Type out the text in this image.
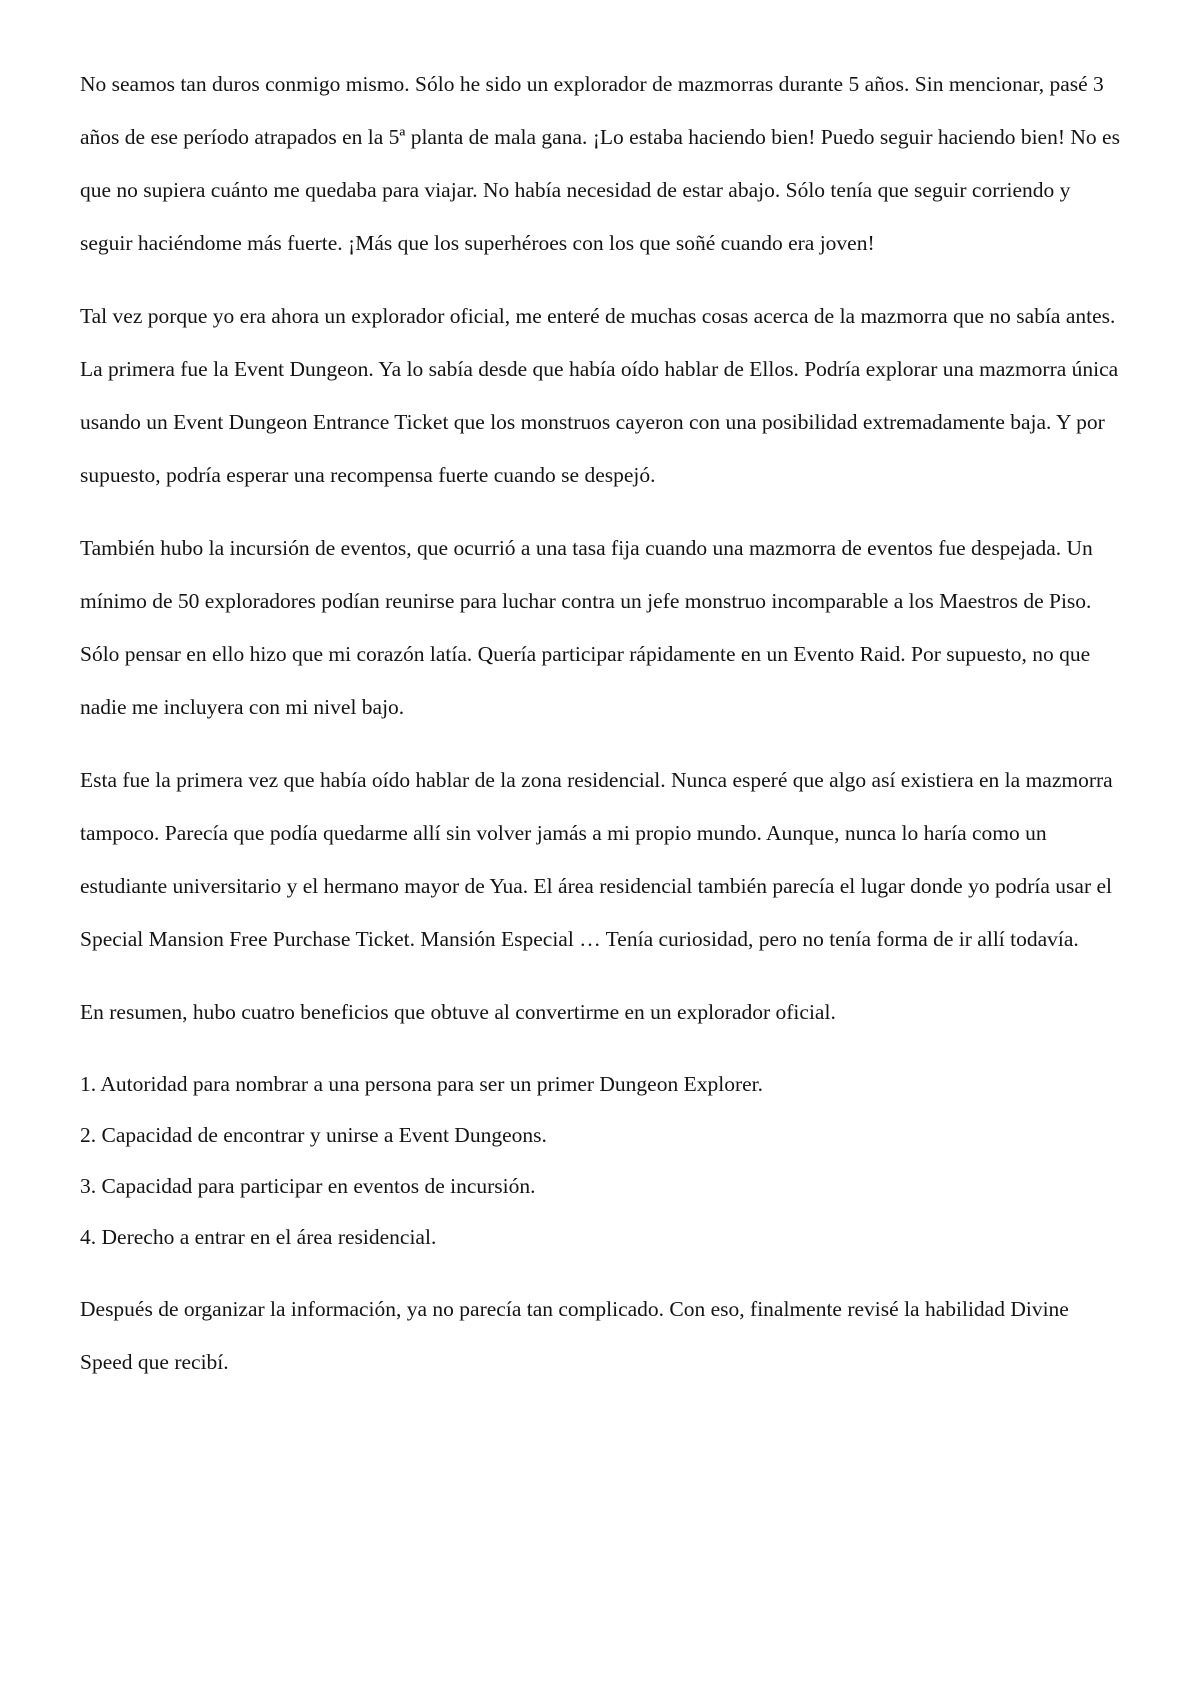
No seamos tan duros conmigo mismo. Sólo he sido un explorador de mazmorras durante 5 años. Sin mencionar, pasé 3 años de ese período atrapados en la 5ª planta de mala gana. ¡Lo estaba haciendo bien! Puedo seguir haciendo bien! No es que no supiera cuánto me quedaba para viajar. No había necesidad de estar abajo. Sólo tenía que seguir corriendo y seguir haciéndome más fuerte. ¡Más que los superhéroes con los que soñé cuando era joven!

Tal vez porque yo era ahora un explorador oficial, me enteré de muchas cosas acerca de la mazmorra que no sabía antes. La primera fue la Event Dungeon. Ya lo sabía desde que había oído hablar de Ellos. Podría explorar una mazmorra única usando un Event Dungeon Entrance Ticket que los monstruos cayeron con una posibilidad extremadamente baja. Y por supuesto, podría esperar una recompensa fuerte cuando se despejó.

También hubo la incursión de eventos, que ocurrió a una tasa fija cuando una mazmorra de eventos fue despejada. Un mínimo de 50 exploradores podían reunirse para luchar contra un jefe monstruo incomparable a los Maestros de Piso. Sólo pensar en ello hizo que mi corazón latía. Quería participar rápidamente en un Evento Raid. Por supuesto, no que nadie me incluyera con mi nivel bajo.

Esta fue la primera vez que había oído hablar de la zona residencial. Nunca esperé que algo así existiera en la mazmorra tampoco. Parecía que podía quedarme allí sin volver jamás a mi propio mundo. Aunque, nunca lo haría como un estudiante universitario y el hermano mayor de Yua. El área residencial también parecía el lugar donde yo podría usar el Special Mansion Free Purchase Ticket. Mansión Especial … Tenía curiosidad, pero no tenía forma de ir allí todavía.

En resumen, hubo cuatro beneficios que obtuve al convertirme en un explorador oficial.

1. Autoridad para nombrar a una persona para ser un primer Dungeon Explorer.
2. Capacidad de encontrar y unirse a Event Dungeons.
3. Capacidad para participar en eventos de incursión.
4. Derecho a entrar en el área residencial.

Después de organizar la información, ya no parecía tan complicado. Con eso, finalmente revisé la habilidad Divine Speed que recibí.
